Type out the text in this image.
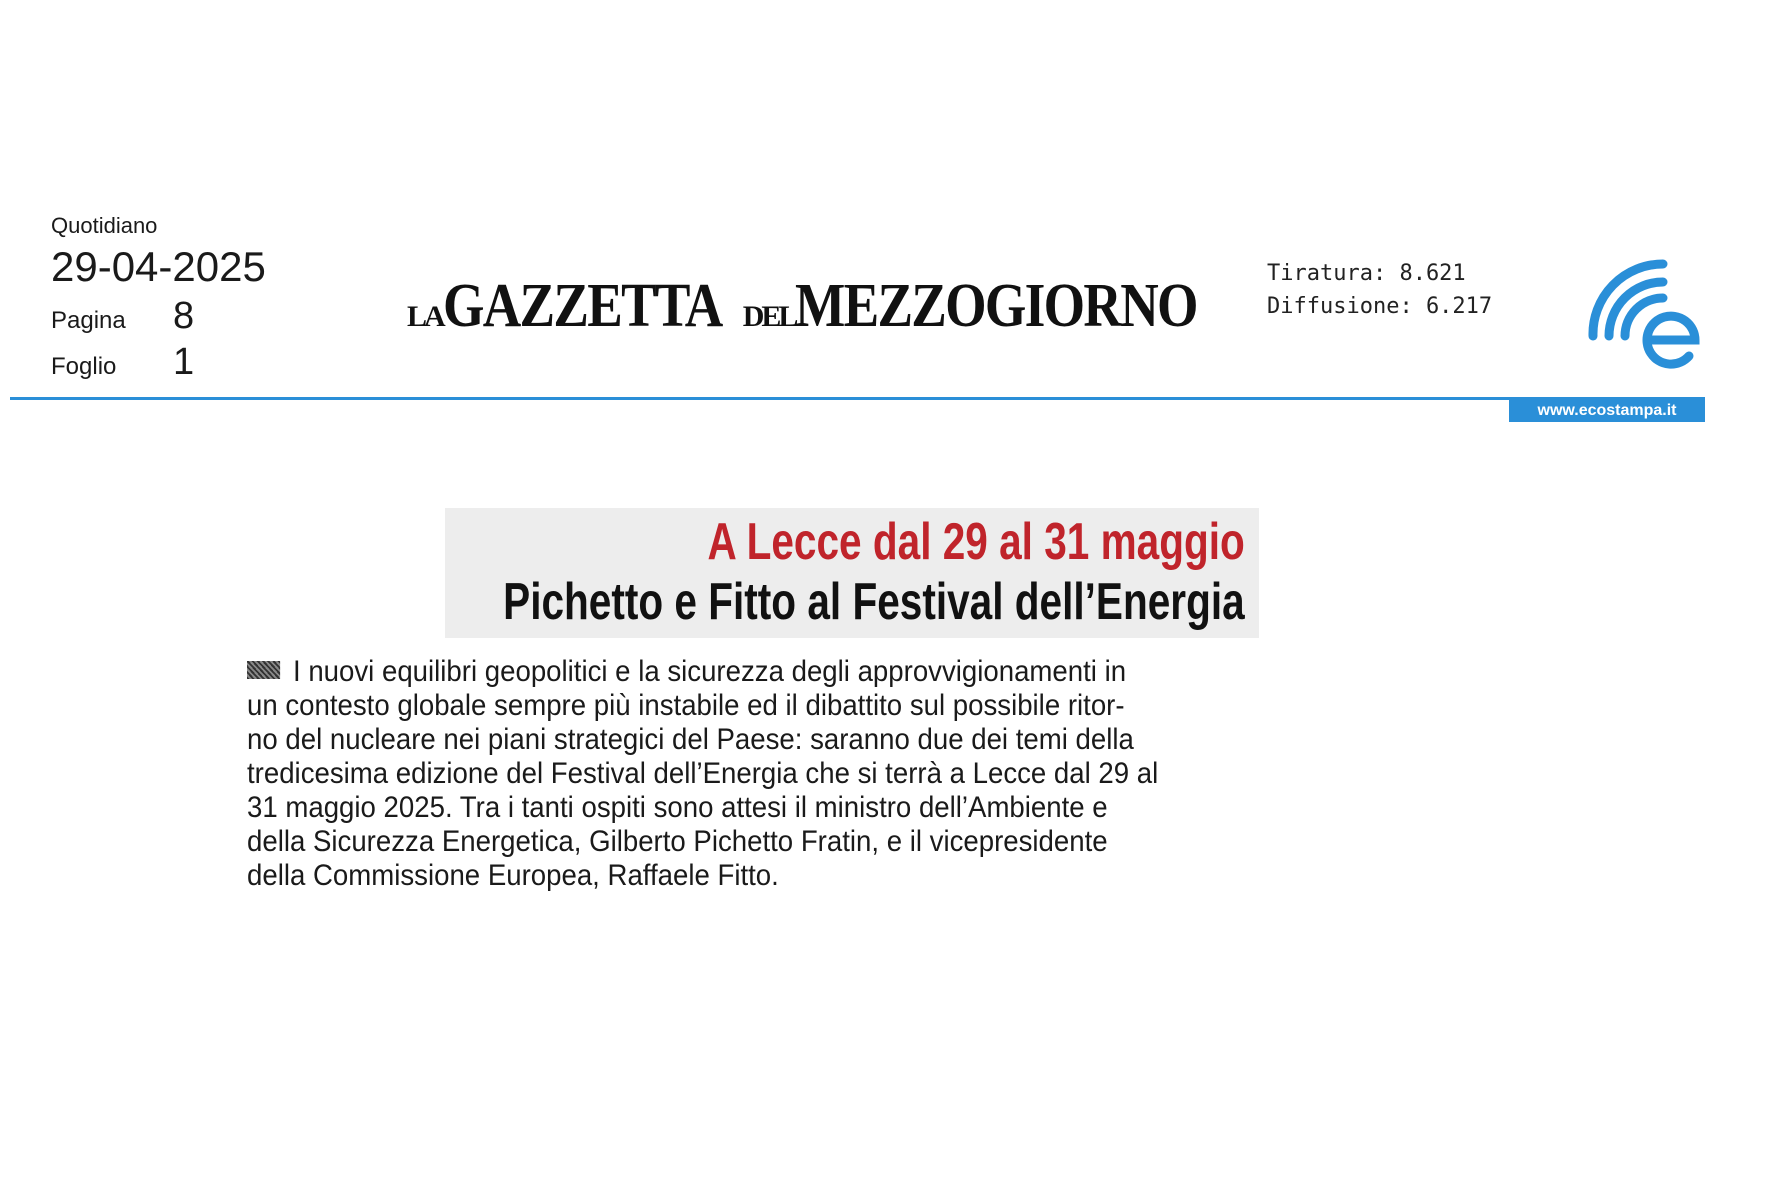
Quotidiano
29-04-2025
Pagina 8
Foglio 1
LA GAZZETTA DEL MEZZOGIORNO	Tiratura: 8.621
Diffusione: 6.217
www.ecostampa.it
A Lecce dal 29 al 31 maggio
Pichetto e Fitto al Festival dell’Energia
I nuovi equilibri geopolitici e la sicurezza degli approvvigionamenti in
un contesto globale sempre più instabile ed il dibattito sul possibile ritor-
no del nucleare nei piani strategici del Paese: saranno due dei temi della
tredicesima edizione del Festival dell’Energia che si terrà a Lecce dal 29 al
31 maggio 2025. Tra i tanti ospiti sono attesi il ministro dell’Ambiente e
della Sicurezza Energetica, Gilberto Pichetto Fratin, e il vicepresidente
della Commissione Europea, Raffaele Fitto.
